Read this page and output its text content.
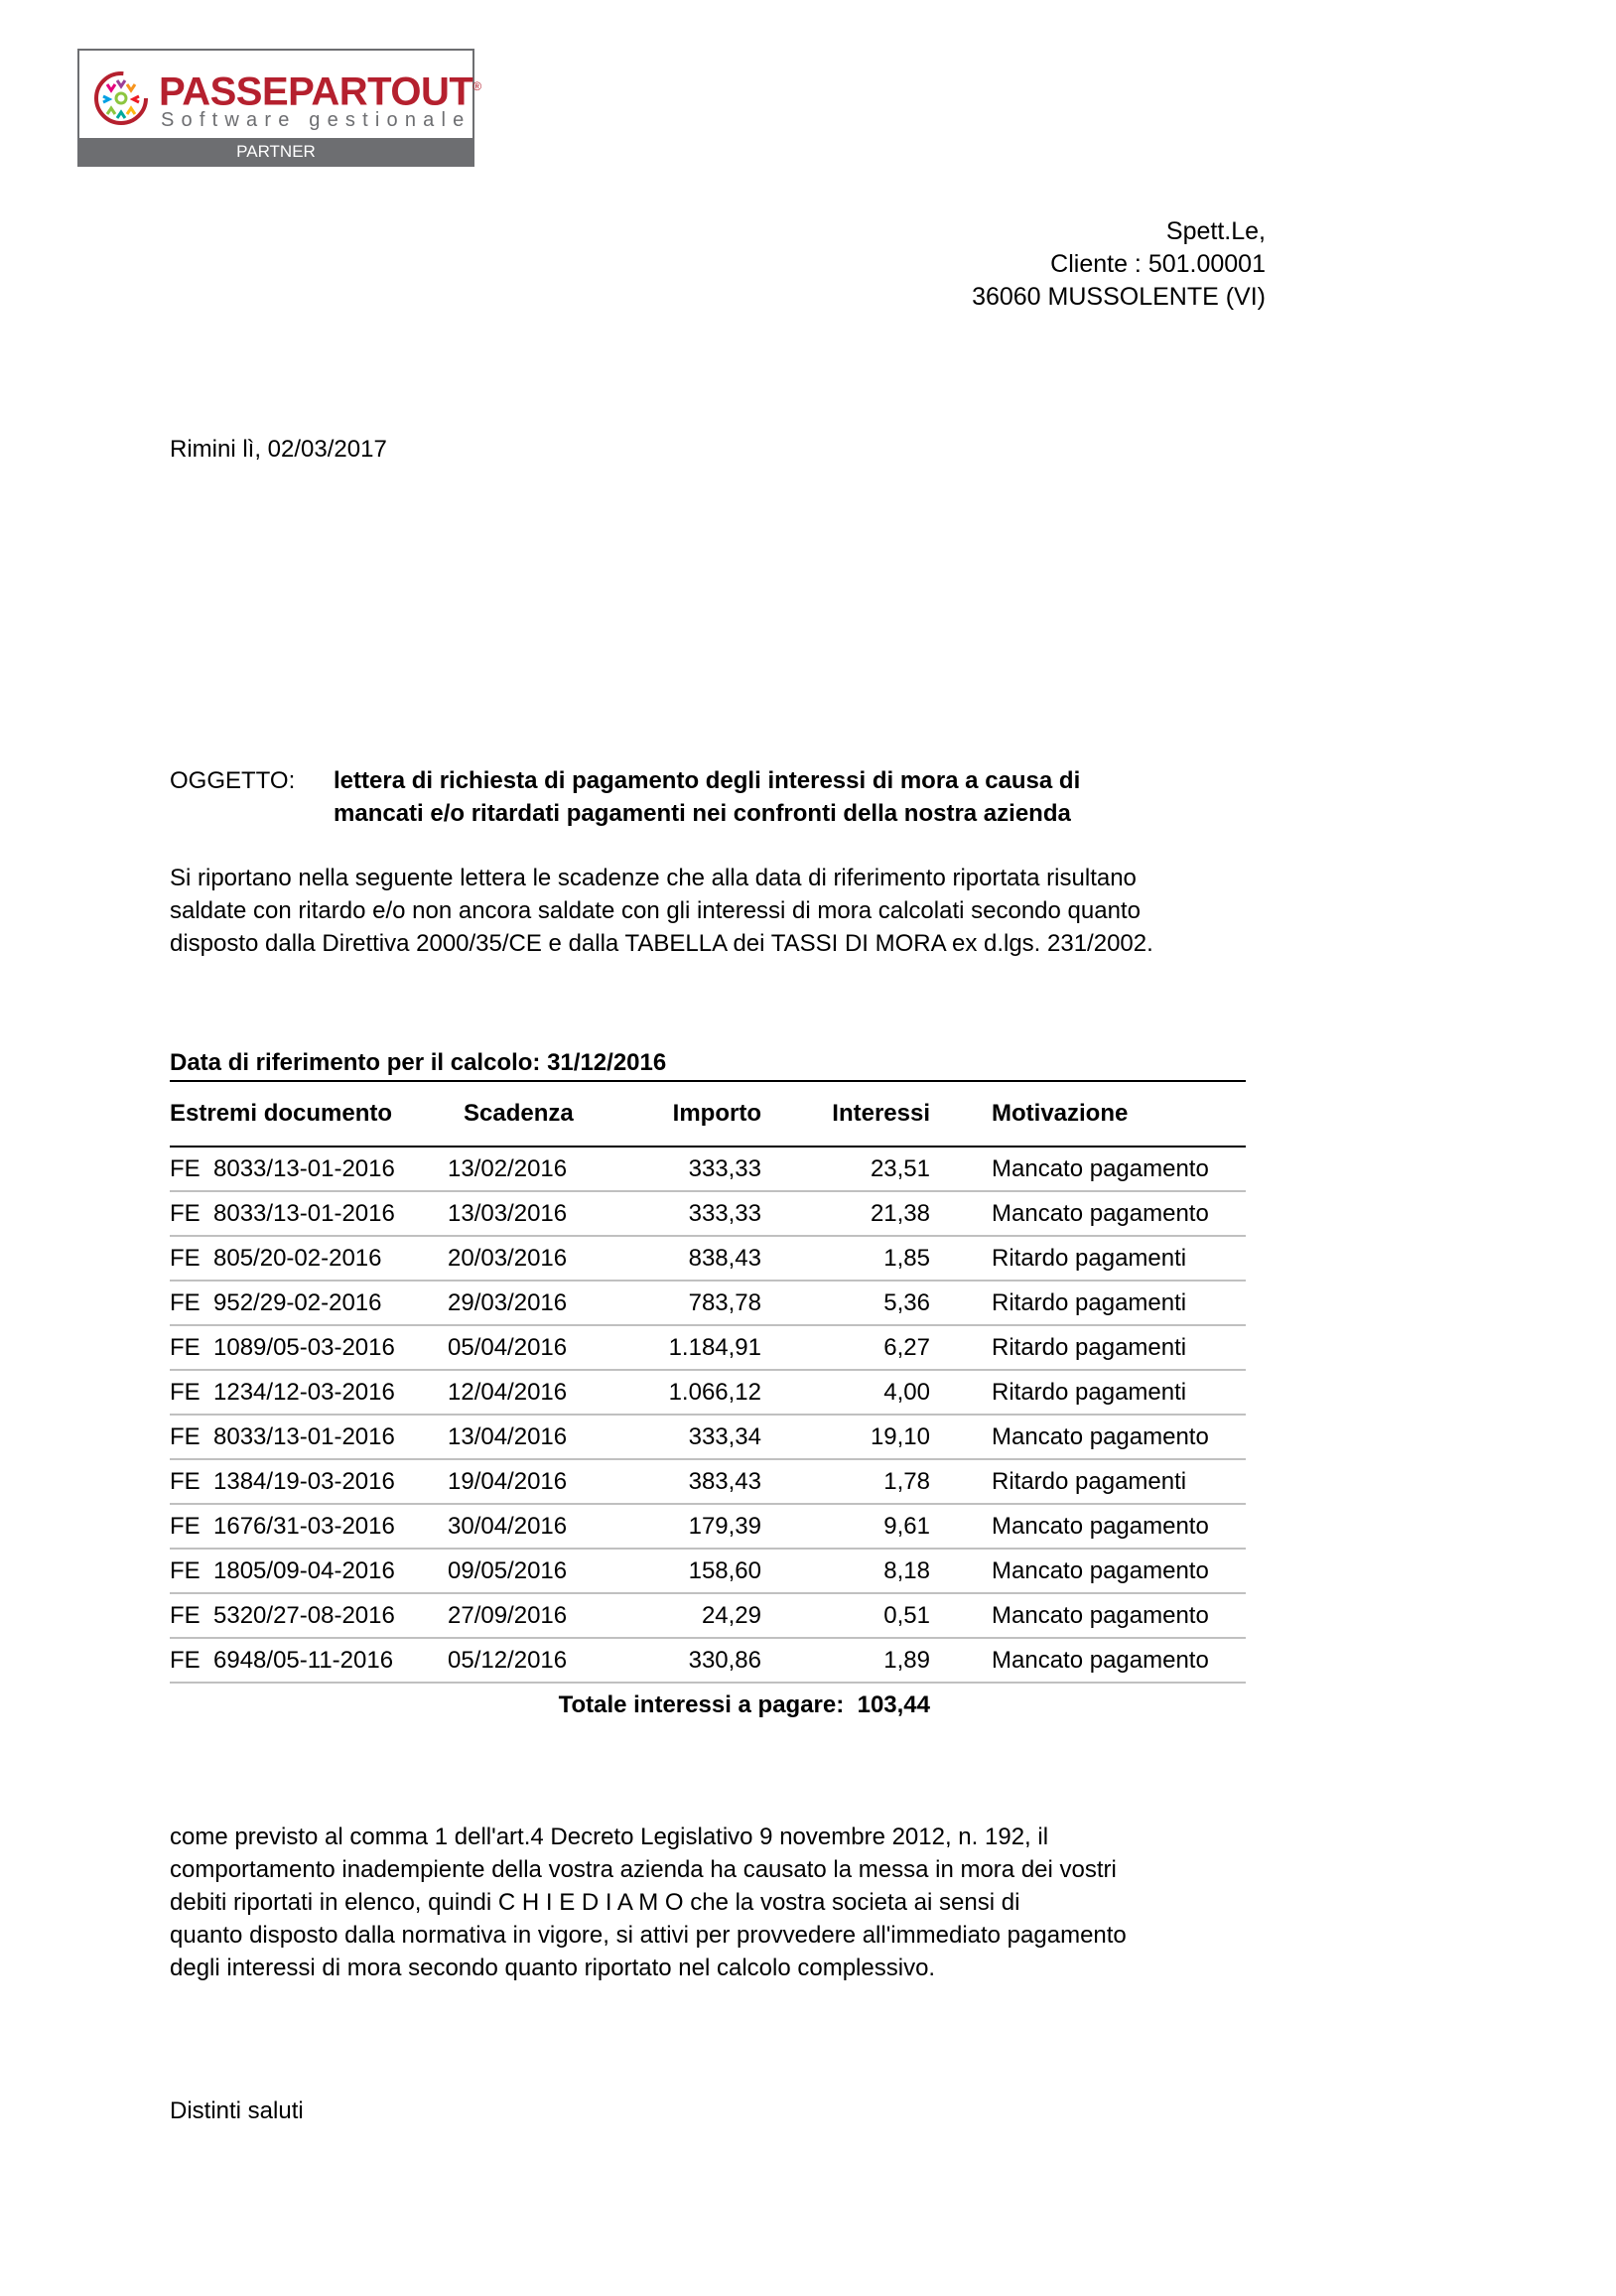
PASSEPARTOUT®
Software gestionale
PARTNER
Spett.Le,
Cliente : 501.00001
36060 MUSSOLENTE (VI)
Rimini lì, 02/03/2017
OGGETTO: lettera di richiesta di pagamento degli interessi di mora a causa di
mancati e/o ritardati pagamenti nei confronti della nostra azienda
Si riportano nella seguente lettera le scadenze che alla data di riferimento riportata risultano
saldate con ritardo e/o non ancora saldate con gli interessi di mora calcolati secondo quanto
disposto dalla Direttiva 2000/35/CE e dalla TABELLA dei TASSI DI MORA ex d.lgs. 231/2002.
Data di riferimento per il calcolo: 31/12/2016
Estremi documento	Scadenza	Importo	Interessi	Motivazione
FE  8033/13-01-2016	13/02/2016	333,33	23,51	Mancato pagamento
FE  8033/13-01-2016	13/03/2016	333,33	21,38	Mancato pagamento
FE  805/20-02-2016	20/03/2016	838,43	1,85	Ritardo pagamenti
FE  952/29-02-2016	29/03/2016	783,78	5,36	Ritardo pagamenti
FE  1089/05-03-2016	05/04/2016	1.184,91	6,27	Ritardo pagamenti
FE  1234/12-03-2016	12/04/2016	1.066,12	4,00	Ritardo pagamenti
FE  8033/13-01-2016	13/04/2016	333,34	19,10	Mancato pagamento
FE  1384/19-03-2016	19/04/2016	383,43	1,78	Ritardo pagamenti
FE  1676/31-03-2016	30/04/2016	179,39	9,61	Mancato pagamento
FE  1805/09-04-2016	09/05/2016	158,60	8,18	Mancato pagamento
FE  5320/27-08-2016	27/09/2016	24,29	0,51	Mancato pagamento
FE  6948/05-11-2016	05/12/2016	330,86	1,89	Mancato pagamento
Totale interessi a pagare: 103,44
come previsto al comma 1 dell'art.4 Decreto Legislativo 9 novembre 2012, n. 192, il
comportamento inadempiente della vostra azienda ha causato la messa in mora dei vostri
debiti riportati in elenco, quindi C H I E D I A M O che la vostra societa ai sensi di
quanto disposto dalla normativa in vigore, si attivi per provvedere all'immediato pagamento
degli interessi di mora secondo quanto riportato nel calcolo complessivo.
Distinti saluti
